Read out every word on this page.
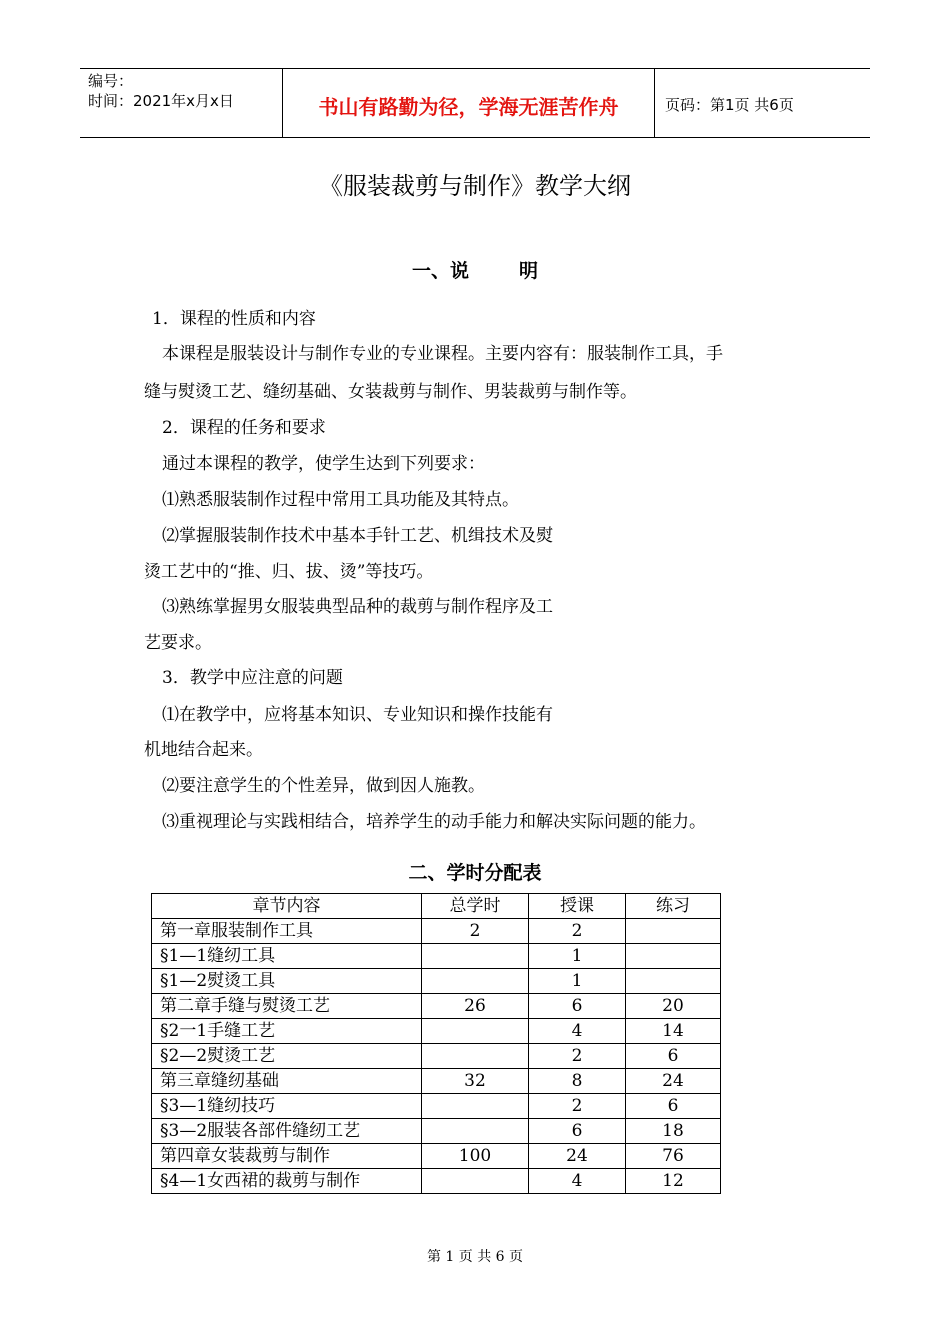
编号：
时间：2021年x月x日	书山有路勤为径，学海无涯苦作舟	页码：第1页 共6页
《服装裁剪与制作》教学大纲
一、说	明

1．课程的性质和内容

本课程是服装设计与制作专业的专业课程。主要内容有：服装制作工具，手

缝与熨烫工艺、缝纫基础、女装裁剪与制作、男装裁剪与制作等。

2．课程的任务和要求

通过本课程的教学，使学生达到下列要求：

⑴熟悉服装制作过程中常用工具功能及其特点。

⑵掌握服装制作技术中基本手针工艺、机缉技术及熨

烫工艺中的“推、归、拔、烫”等技巧。

⑶熟练掌握男女服装典型品种的裁剪与制作程序及工

艺要求。

3．教学中应注意的问题

⑴在教学中，应将基本知识、专业知识和操作技能有

机地结合起来。

⑵要注意学生的个性差异，做到因人施教。

⑶重视理论与实践相结合，培养学生的动手能力和解决实际问题的能力。

二、学时分配表
章节内容	总学时	授课	练习
第一章服装制作工具	2	2	
§1—1缝纫工具		1	
§1—2熨烫工具		1	
第二章手缝与熨烫工艺	26	6	20
§2一1手缝工艺		4	14
§2—2熨烫工艺		2	6
第三章缝纫基础	32	8	24
§3—1缝纫技巧		2	6
§3—2服装各部件缝纫工艺		6	18
第四章女装裁剪与制作	100	24	76
§4—1女西裙的裁剪与制作		4	12
第 1 页 共 6 页
